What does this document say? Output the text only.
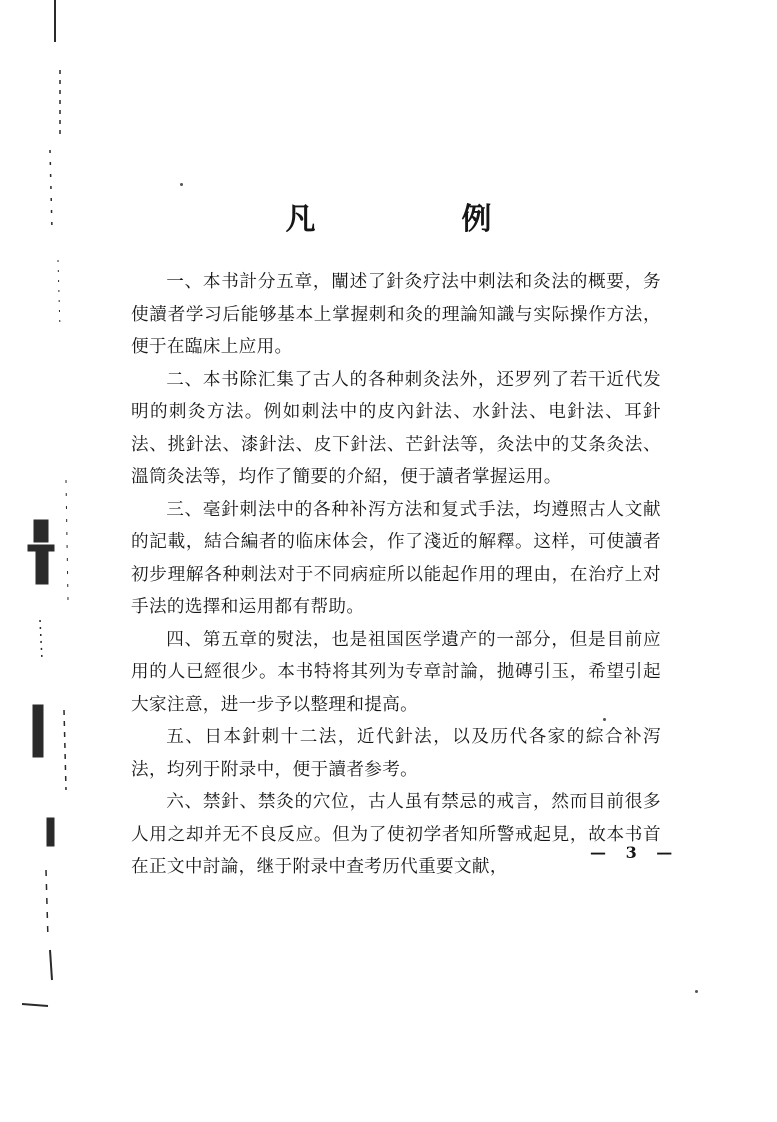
凡　例

一、本书計分五章，闡述了針灸疗法中刺法和灸法的概要，务使讀者学习后能够基本上掌握刺和灸的理論知識与实际操作方法，便于在臨床上应用。

二、本书除汇集了古人的各种刺灸法外，还罗列了若干近代发明的刺灸方法。例如刺法中的皮內針法、水針法、电針法、耳針法、挑針法、漆針法、皮下針法、芒針法等，灸法中的艾条灸法、溫筒灸法等，均作了簡要的介紹，便于讀者掌握运用。

三、毫針刺法中的各种补泻方法和复式手法，均遵照古人文献的記載，結合編者的临床体会，作了淺近的解釋。这样，可使讀者初步理解各种刺法对于不同病症所以能起作用的理由，在治疗上对手法的选擇和运用都有帮助。

四、第五章的熨法，也是祖国医学遺产的一部分，但是目前应用的人已經很少。本书特将其列为专章討論，拋磚引玉，希望引起大家注意，进一步予以整理和提高。

五、日本針刺十二法，近代針法，以及历代各家的綜合补泻法，均列于附录中，便于讀者参考。

六、禁針、禁灸的穴位，古人虽有禁忌的戒言，然而目前很多人用之却并无不良反应。但为了使初学者知所警戒起見，故本书首在正文中討論，继于附录中查考历代重要文献，

— 3 —
